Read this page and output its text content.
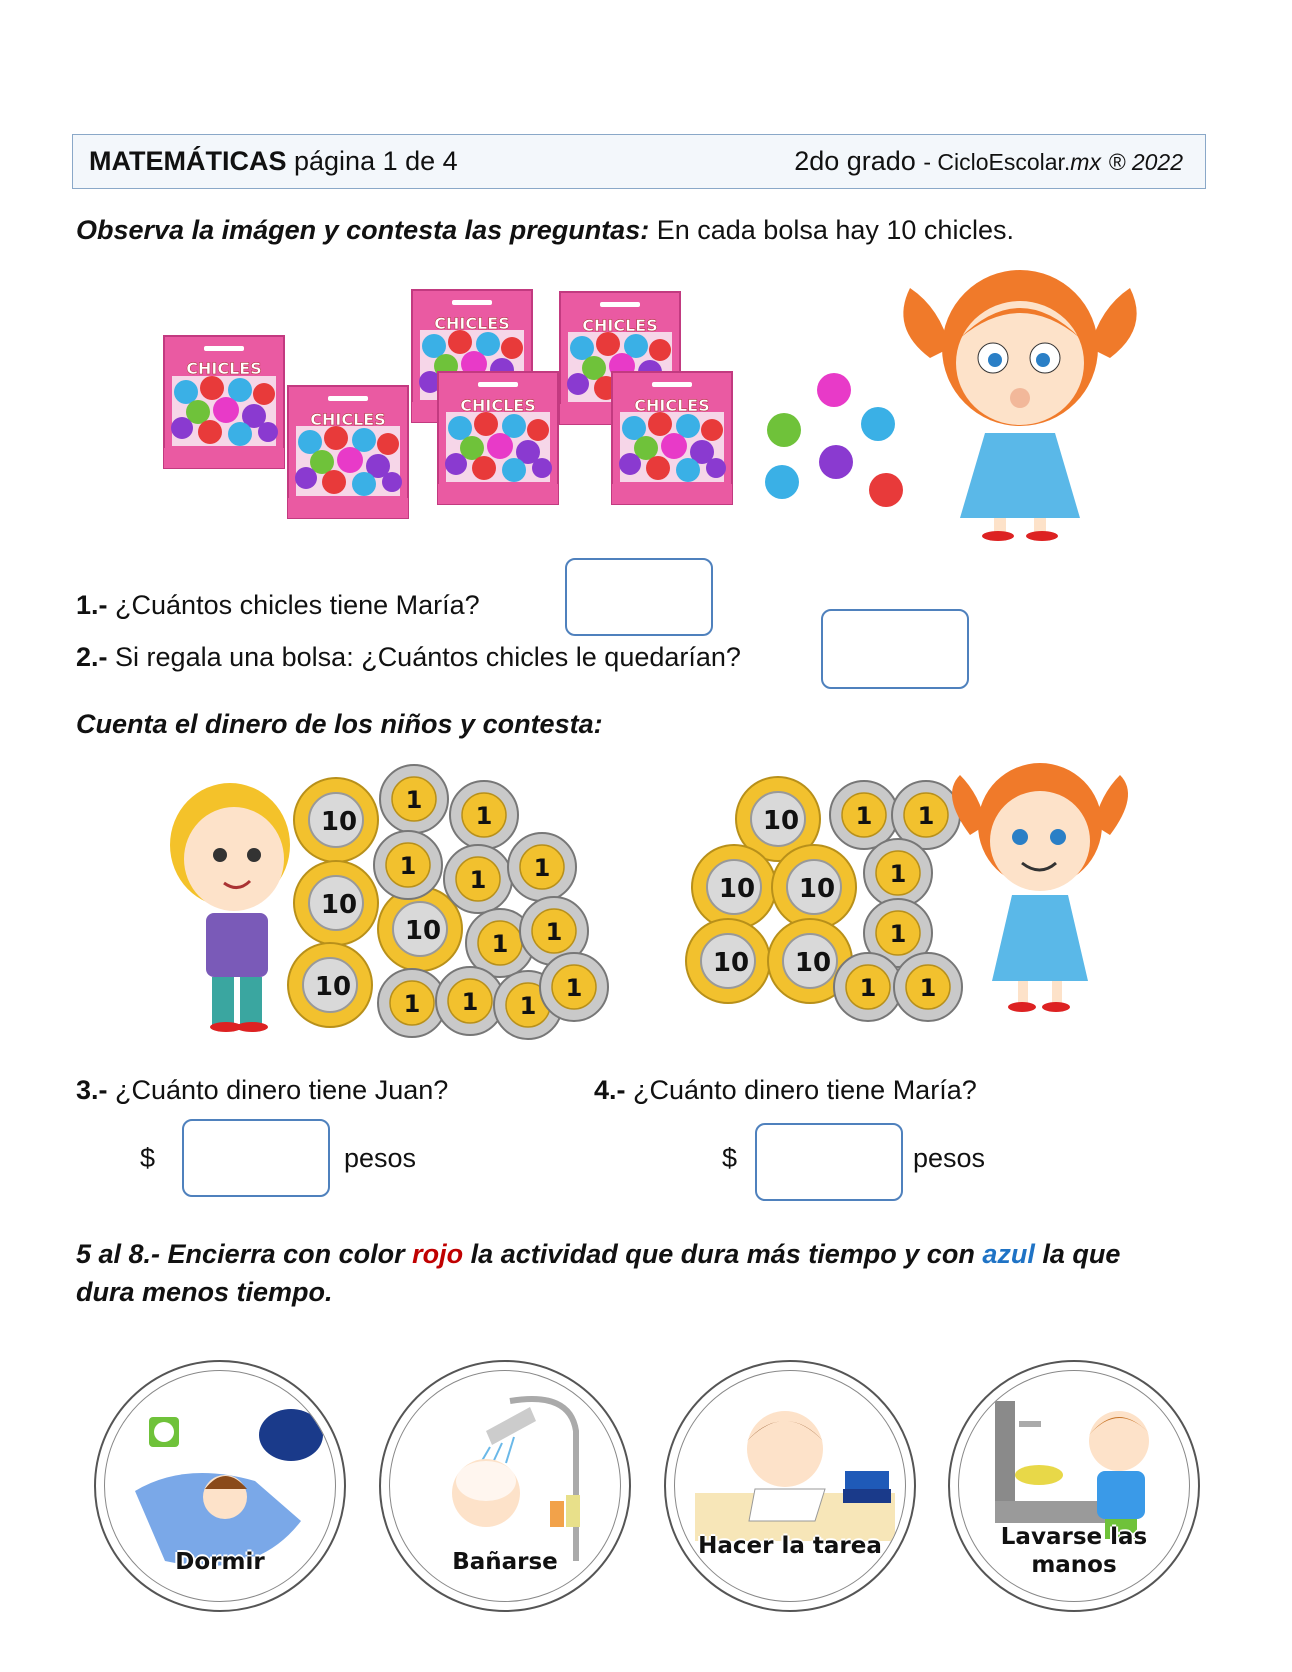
MATEMÁTICAS página 1 de 4	2do grado - CicloEscolar.mx ® 2022
Observa la imágen y contesta las preguntas: En cada bolsa hay 10 chicles.
CHICLES
CHICLES	CHICLES
CHICLES
CHICLES	CHICLES
1.- ¿Cuántos chicles tiene María?
2.- Si regala una bolsa: ¿Cuántos chicles le quedarían?
Cuenta el dinero de los niños y contesta:
10
10
10
10
1
1
1 1 1
1 1
1 1 1
1
10
10 10
10 10
1 1
1
1
1 1
3.- ¿Cuánto dinero tiene Juan?	4.- ¿Cuánto dinero tiene María?
$	pesos	$	pesos
5 al 8.- Encierra con color rojo la actividad que dura más tiempo y con azul la que dura menos tiempo.
Dormir	Bañarse
Hacer la tarea	Lavarse las manos
